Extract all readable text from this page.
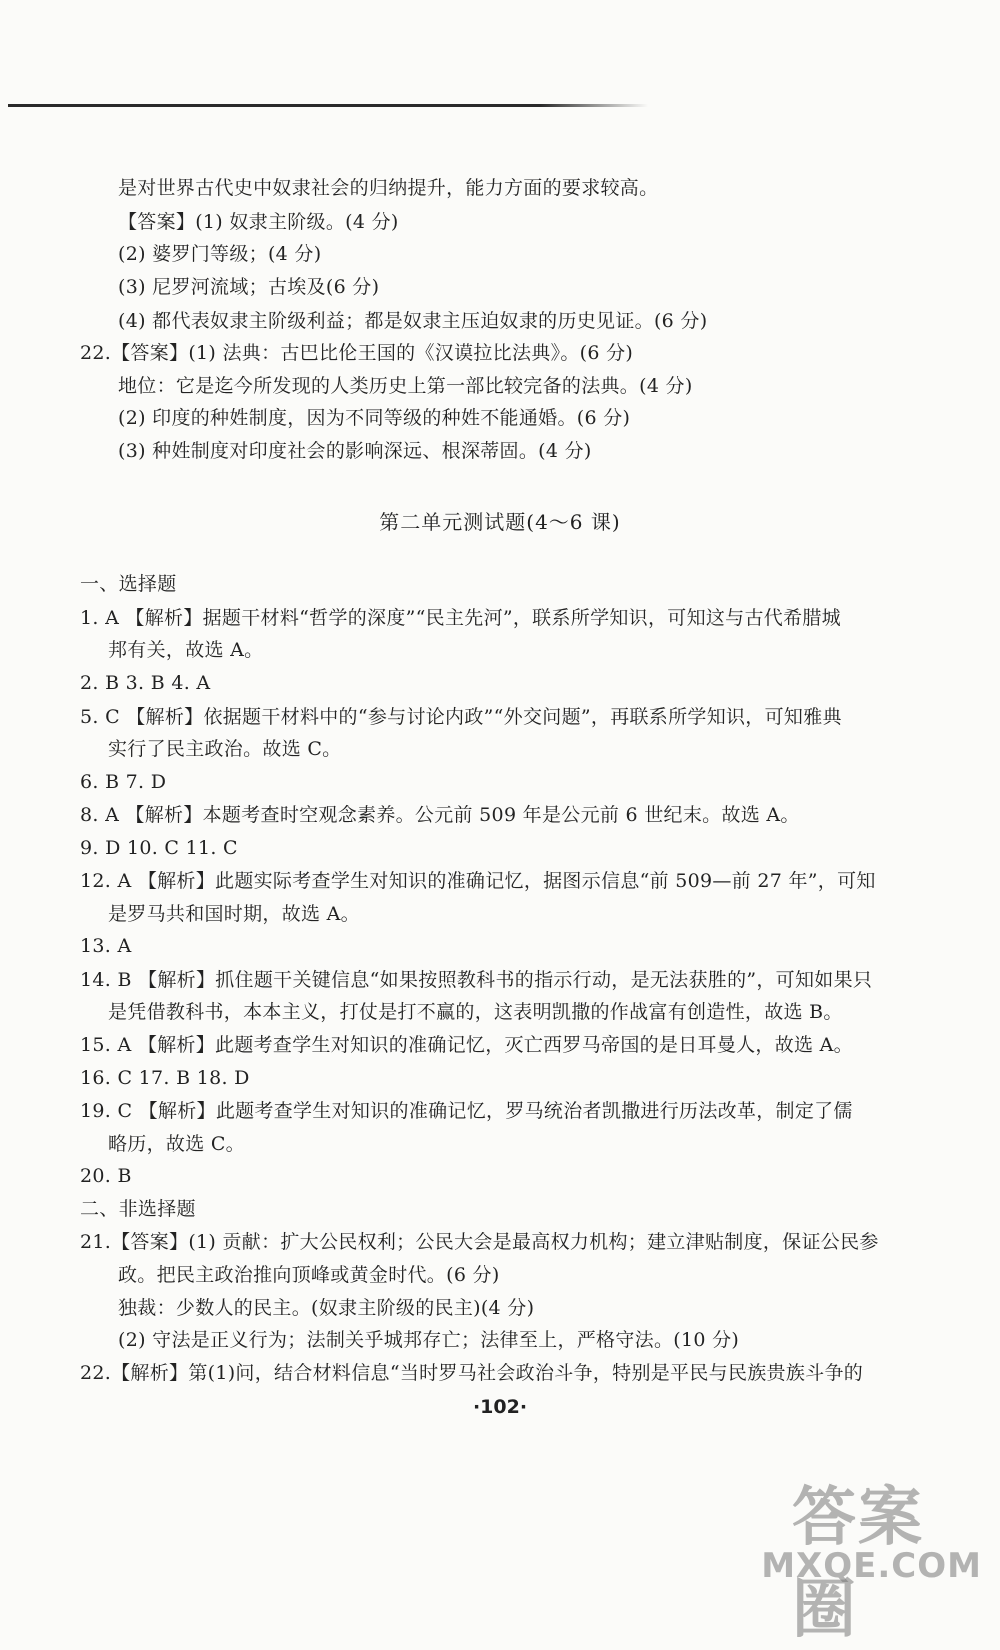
是对世界古代史中奴隶社会的归纳提升，能力方面的要求较高。
【答案】(1) 奴隶主阶级。(4 分)
(2) 婆罗门等级；(4 分)
(3) 尼罗河流域；古埃及(6 分)
(4) 都代表奴隶主阶级利益；都是奴隶主压迫奴隶的历史见证。(6 分)
22.【答案】(1) 法典：古巴比伦王国的《汉谟拉比法典》。(6 分)
地位：它是迄今所发现的人类历史上第一部比较完备的法典。(4 分)
(2) 印度的种姓制度，因为不同等级的种姓不能通婚。(6 分)
(3) 种姓制度对印度社会的影响深远、根深蒂固。(4 分)
第二单元测试题(4～6 课)
一、选择题
1. A 【解析】据题干材料“哲学的深度”“民主先河”，联系所学知识，可知这与古代希腊城
邦有关，故选 A。
2. B 3. B 4. A
5. C 【解析】依据题干材料中的“参与讨论内政”“外交问题”，再联系所学知识，可知雅典
实行了民主政治。故选 C。
6. B 7. D
8. A 【解析】本题考查时空观念素养。公元前 509 年是公元前 6 世纪末。故选 A。
9. D 10. C 11. C
12. A 【解析】此题实际考查学生对知识的准确记忆，据图示信息“前 509—前 27 年”，可知
是罗马共和国时期，故选 A。
13. A
14. B 【解析】抓住题干关键信息“如果按照教科书的指示行动，是无法获胜的”，可知如果只
是凭借教科书，本本主义，打仗是打不赢的，这表明凯撒的作战富有创造性，故选 B。
15. A 【解析】此题考查学生对知识的准确记忆，灭亡西罗马帝国的是日耳曼人，故选 A。
16. C 17. B 18. D
19. C 【解析】此题考查学生对知识的准确记忆，罗马统治者凯撒进行历法改革，制定了儒
略历，故选 C。
20. B
二、非选择题
21.【答案】(1) 贡献：扩大公民权利；公民大会是最高权力机构；建立津贴制度，保证公民参
政。把民主政治推向顶峰或黄金时代。(6 分)
独裁：少数人的民主。(奴隶主阶级的民主)(4 分)
(2) 守法是正义行为；法制关乎城邦存亡；法律至上，严格守法。(10 分)
22.【解析】第(1)问，结合材料信息“当时罗马社会政治斗争，特别是平民与民族贵族斗争的
·102·
答案圈
MXQE.COM
